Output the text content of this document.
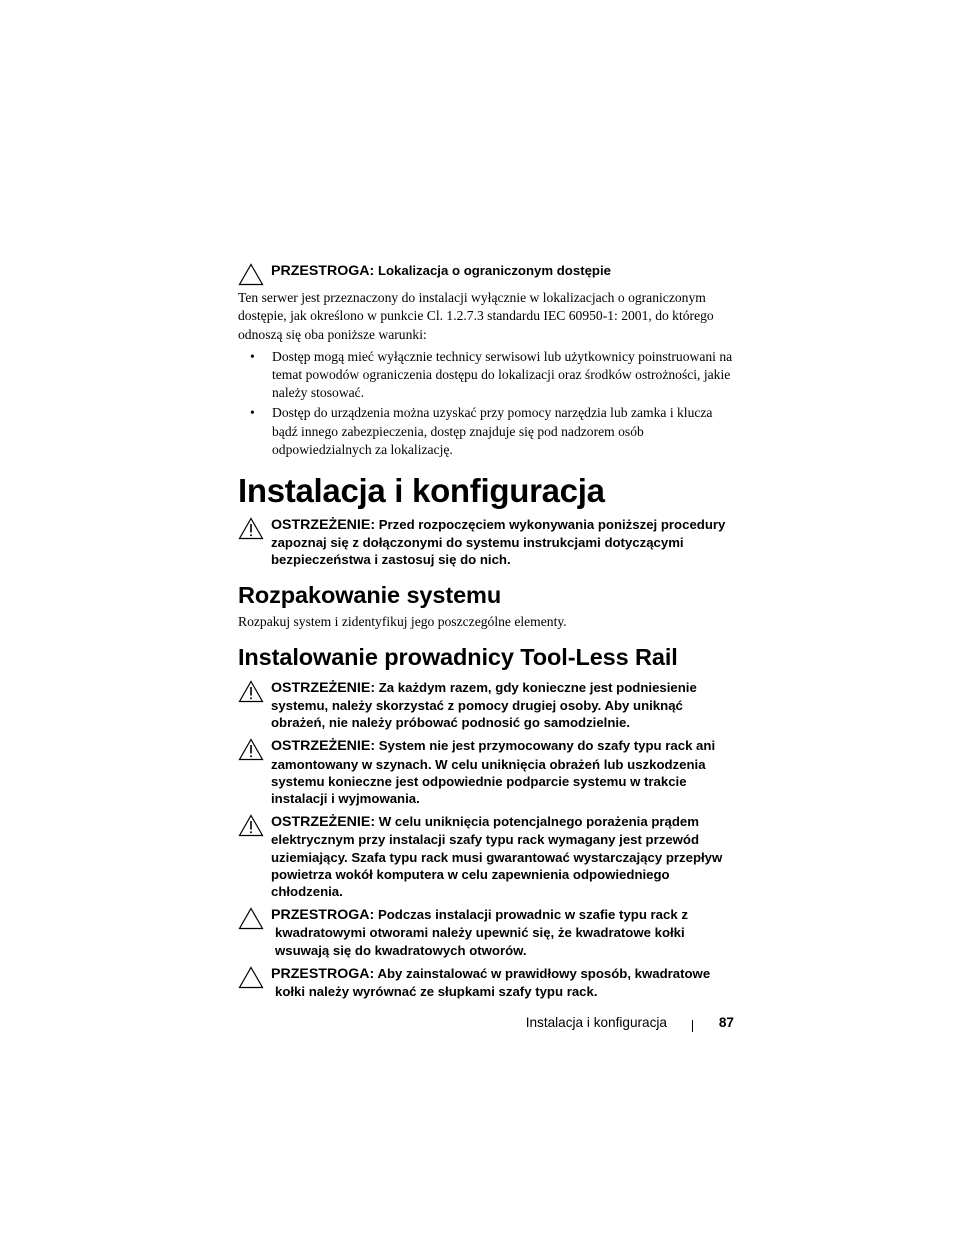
PRZESTROGA: Lokalizacja o ograniczonym dostępie
Ten serwer jest przeznaczony do instalacji wyłącznie w lokalizacjach o ograniczonym dostępie, jak określono w punkcie Cl. 1.2.7.3 standardu IEC 60950-1: 2001, do którego odnoszą się oba poniższe warunki:
• Dostęp mogą mieć wyłącznie technicy serwisowi lub użytkownicy poinstruowani na temat powodów ograniczenia dostępu do lokalizacji oraz środków ostrożności, jakie należy stosować.
• Dostęp do urządzenia można uzyskać przy pomocy narzędzia lub zamka i klucza bądź innego zabezpieczenia, dostęp znajduje się pod nadzorem osób odpowiedzialnych za lokalizację.
Instalacja i konfiguracja
OSTRZEŻENIE: Przed rozpoczęciem wykonywania poniższej procedury zapoznaj się z dołączonymi do systemu instrukcjami dotyczącymi bezpieczeństwa i zastosuj się do nich.
Rozpakowanie systemu
Rozpakuj system i zidentyfikuj jego poszczególne elementy.
Instalowanie prowadnicy Tool-Less Rail
OSTRZEŻENIE: Za każdym razem, gdy konieczne jest podniesienie systemu, należy skorzystać z pomocy drugiej osoby. Aby uniknąć obrażeń, nie należy próbować podnosić go samodzielnie.
OSTRZEŻENIE: System nie jest przymocowany do szafy typu rack ani zamontowany w szynach. W celu uniknięcia obrażeń lub uszkodzenia systemu konieczne jest odpowiednie podparcie systemu w trakcie instalacji i wyjmowania.
OSTRZEŻENIE: W celu uniknięcia potencjalnego porażenia prądem elektrycznym przy instalacji szafy typu rack wymagany jest przewód uziemiający. Szafa typu rack musi gwarantować wystarczający przepływ powietrza wokół komputera w celu zapewnienia odpowiedniego chłodzenia.
PRZESTROGA: Podczas instalacji prowadnic w szafie typu rack z kwadratowymi otworami należy upewnić się, że kwadratowe kołki wsuwają się do kwadratowych otworów.
PRZESTROGA: Aby zainstalować w prawidłowy sposób, kwadratowe kołki należy wyrównać ze słupkami szafy typu rack.
Instalacja i konfiguracja	87
